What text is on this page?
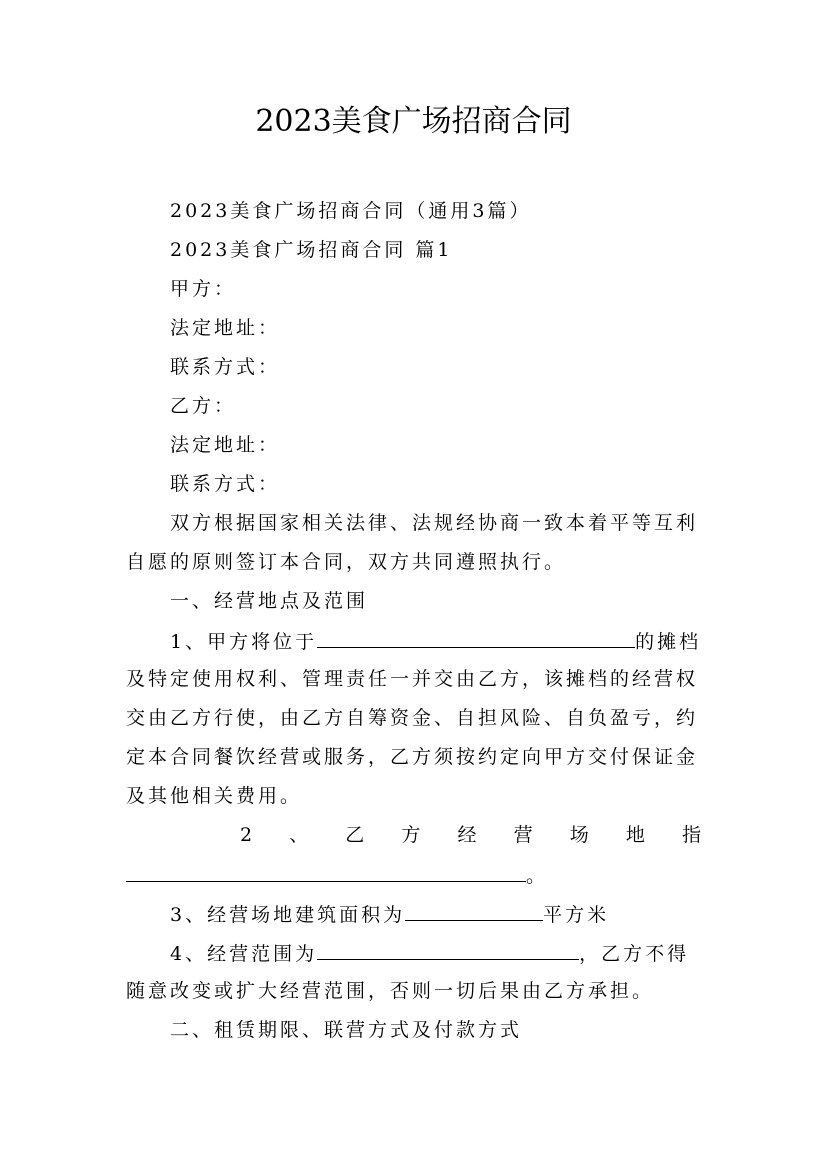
2023美食广场招商合同
2023美食广场招商合同（通用3篇）
2023美食广场招商合同 篇1
甲方：
法定地址：
联系方式：
乙方：
法定地址：
联系方式：
双方根据国家相关法律、法规经协商一致本着平等互利
自愿的原则签订本合同，双方共同遵照执行。
一、经营地点及范围
1、甲方将位于	的摊档
及特定使用权利、管理责任一并交由乙方，该摊档的经营权
交由乙方行使，由乙方自筹资金、自担风险、自负盈亏，约
定本合同餐饮经营或服务，乙方须按约定向甲方交付保证金
及其他相关费用。
2 、 乙 方 经 营 场 地 指
。
3、经营场地建筑面积为	平方米
4、经营范围为	，乙方不得
随意改变或扩大经营范围，否则一切后果由乙方承担。
二、租赁期限、联营方式及付款方式
